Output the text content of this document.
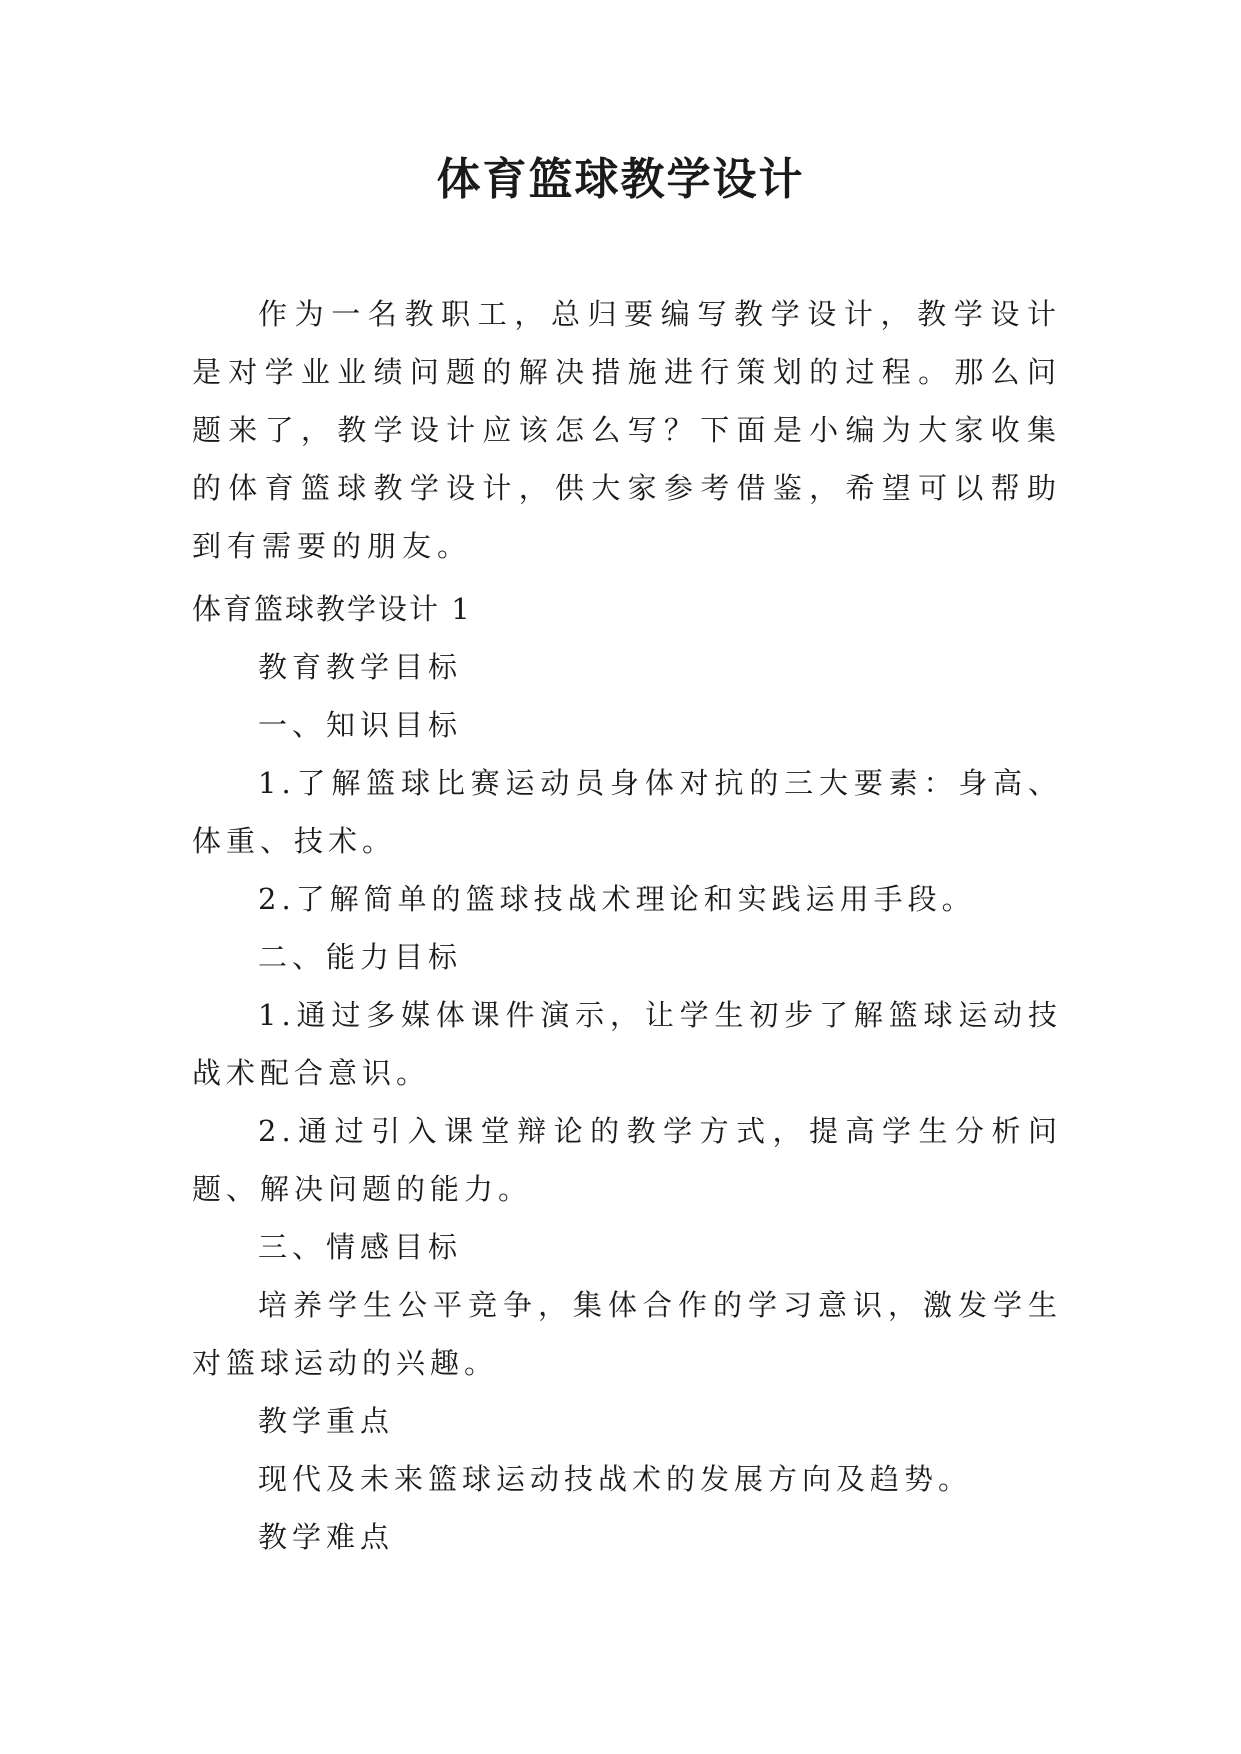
体育篮球教学设计

作为一名教职工，总归要编写教学设计，教学设计是对学业业绩问题的解决措施进行策划的过程。那么问题来了，教学设计应该怎么写？下面是小编为大家收集的体育篮球教学设计，供大家参考借鉴，希望可以帮助到有需要的朋友。

体育篮球教学设计 1

教育教学目标

一、知识目标

1.了解篮球比赛运动员身体对抗的三大要素：身高、体重、技术。

2.了解简单的篮球技战术理论和实践运用手段。

二、能力目标

1.通过多媒体课件演示，让学生初步了解篮球运动技战术配合意识。

2.通过引入课堂辩论的教学方式，提高学生分析问题、解决问题的能力。

三、情感目标

培养学生公平竞争，集体合作的学习意识，激发学生对篮球运动的兴趣。

教学重点

现代及未来篮球运动技战术的发展方向及趋势。

教学难点
